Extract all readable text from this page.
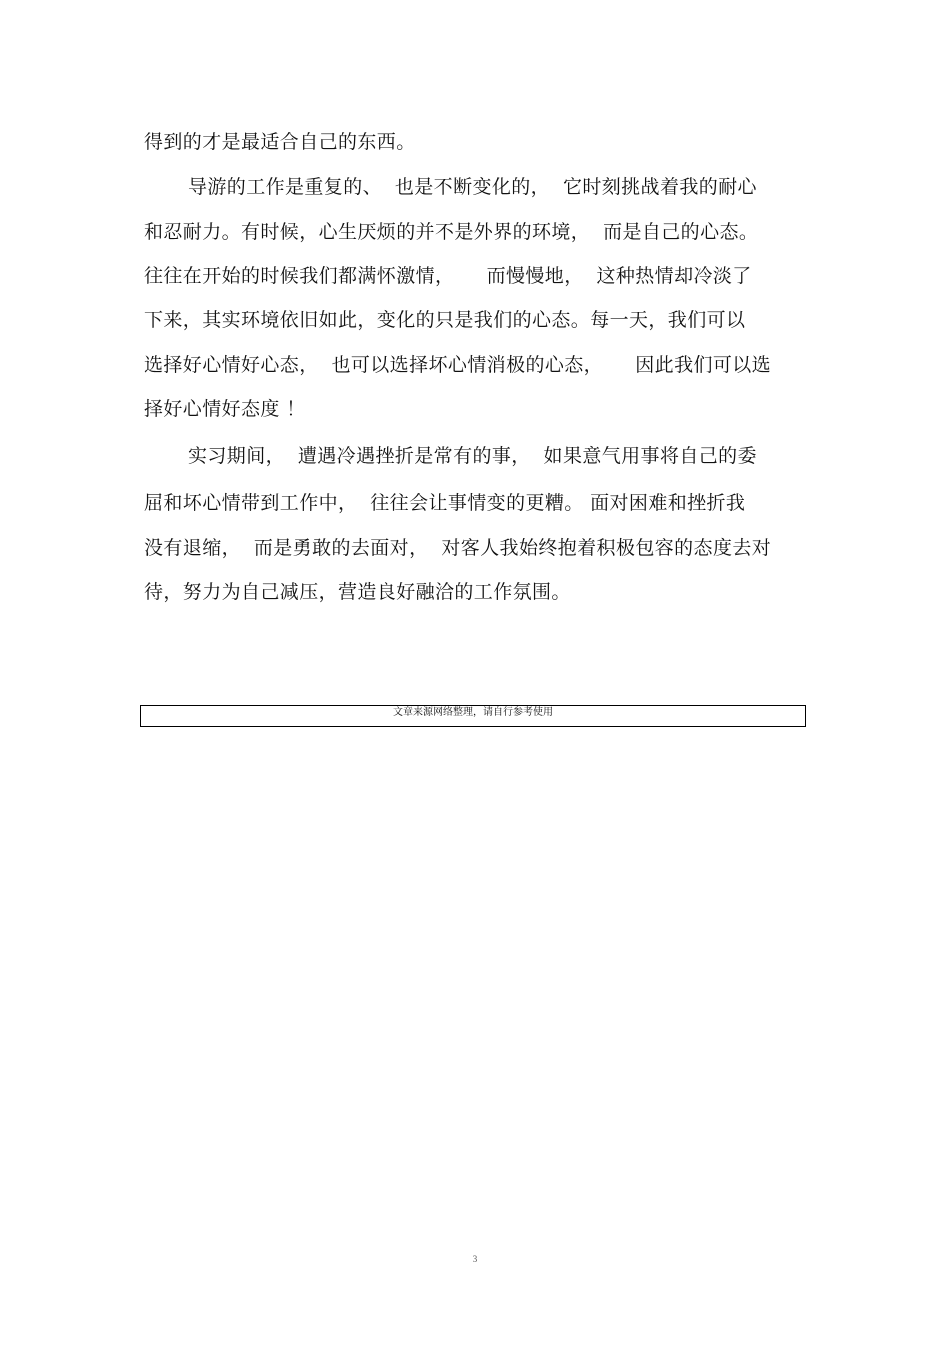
得到的才是最适合自己的东西。
导游的工作是重复的、  也是不断变化的，  它时刻挑战着我的耐心
和忍耐力。有时候，心生厌烦的并不是外界的环境，  而是自己的心态。
往往在开始的时候我们都满怀激情，     而慢慢地，  这种热情却冷淡了
下来，其实环境依旧如此，变化的只是我们的心态。每一天，我们可以
选择好心情好心态，  也可以选择坏心情消极的心态，     因此我们可以选
择好心情好态度 ！
实习期间，  遭遇冷遇挫折是常有的事，  如果意气用事将自己的委
屈和坏心情带到工作中，  往往会让事情变的更糟。 面对困难和挫折我
没有退缩，  而是勇敢的去面对，  对客人我始终抱着积极包容的态度去对
待，努力为自己减压，营造良好融洽的工作氛围。
文章来源网络整理，请自行参考使用
3
